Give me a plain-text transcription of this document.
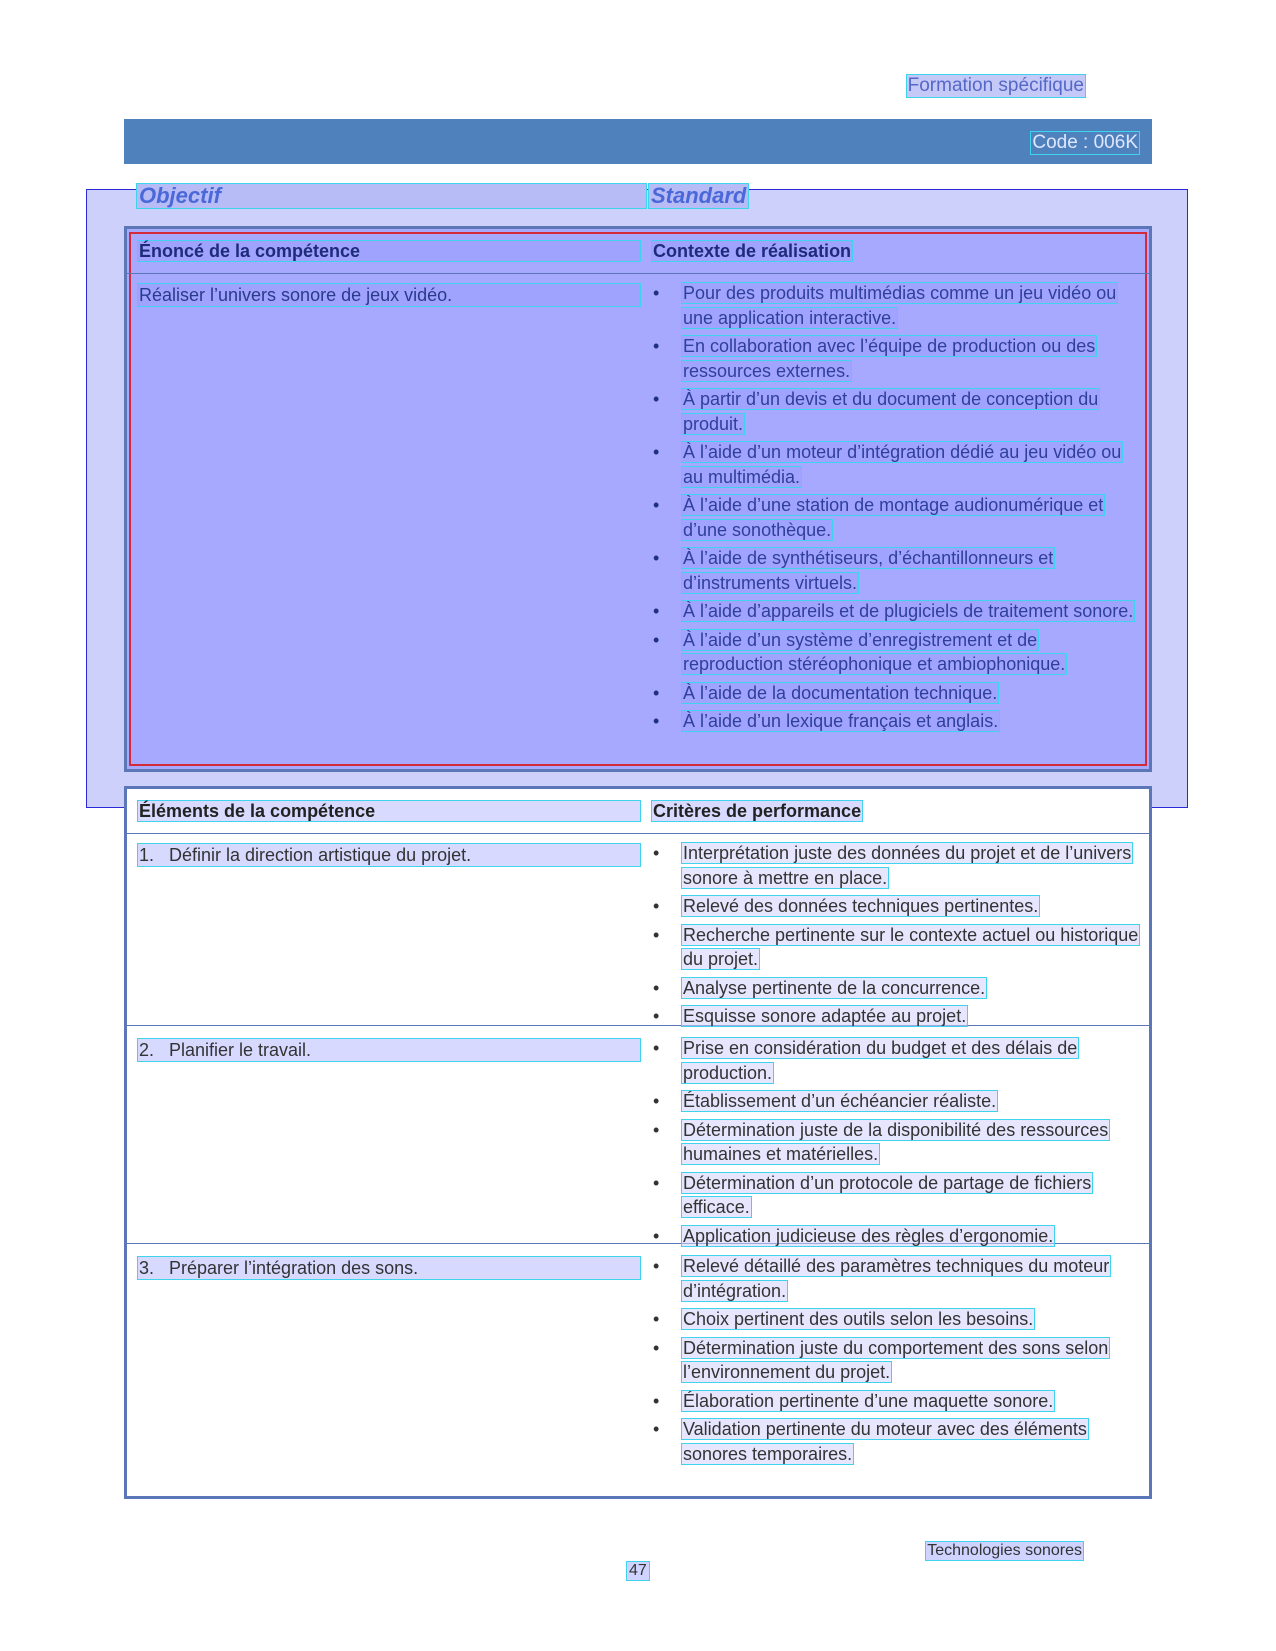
Formation spécifique
Code : 006K
Objectif	Standard
Énoncé de la compétence	Contexte de réalisation
Réaliser l’univers sonore de jeux vidéo.	• Pour des produits multimédias comme un jeu vidéo ou une application interactive.
• En collaboration avec l’équipe de production ou des ressources externes.
• À partir d’un devis et du document de conception du produit.
• À l’aide d’un moteur d’intégration dédié au jeu vidéo ou au multimédia.
• À l’aide d’une station de montage audionumérique et d’une sonothèque.
• À l’aide de synthétiseurs, d’échantillonneurs et d’instruments virtuels.
• À l’aide d’appareils et de plugiciels de traitement sonore.
• À l’aide d’un système d’enregistrement et de reproduction stéréophonique et ambiophonique.
• À l’aide de la documentation technique.
• À l’aide d’un lexique français et anglais.
Éléments de la compétence	Critères de performance
1. Définir la direction artistique du projet.	• Interprétation juste des données du projet et de l’univers sonore à mettre en place.
• Relevé des données techniques pertinentes.
• Recherche pertinente sur le contexte actuel ou historique du projet.
• Analyse pertinente de la concurrence.
• Esquisse sonore adaptée au projet.
2. Planifier le travail.	• Prise en considération du budget et des délais de production.
• Établissement d’un échéancier réaliste.
• Détermination juste de la disponibilité des ressources humaines et matérielles.
• Détermination d’un protocole de partage de fichiers efficace.
• Application judicieuse des règles d’ergonomie.
3. Préparer l’intégration des sons.	• Relevé détaillé des paramètres techniques du moteur d’intégration.
• Choix pertinent des outils selon les besoins.
• Détermination juste du comportement des sons selon l’environnement du projet.
• Élaboration pertinente d’une maquette sonore.
• Validation pertinente du moteur avec des éléments sonores temporaires.
Technologies sonores
47
